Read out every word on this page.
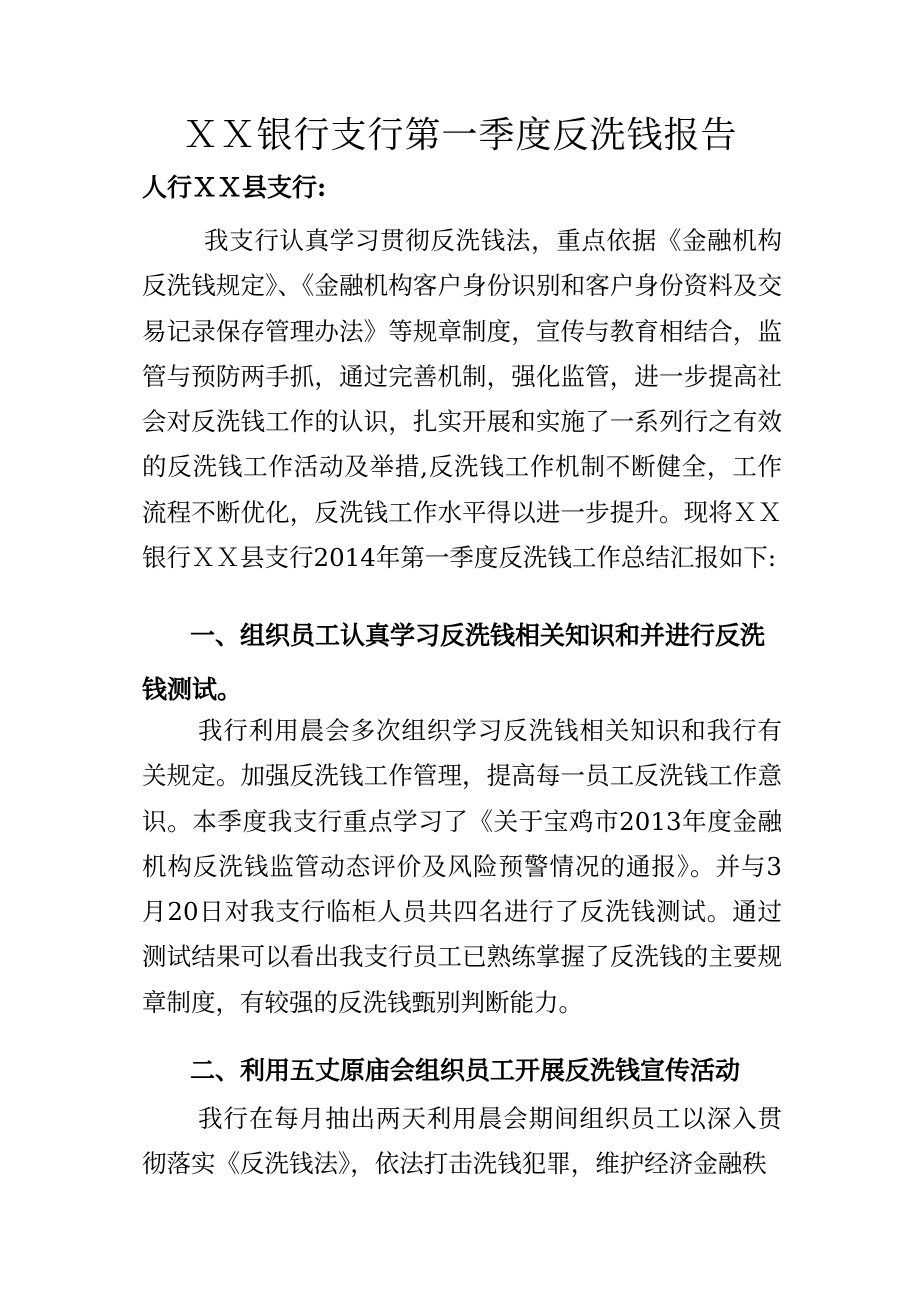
ＸＸ银行支行第一季度反洗钱报告
人行ＸＸ县支行:

我支行认真学习贯彻反洗钱法，重点依据《金融机构反洗钱规定》、《金融机构客户身份识别和客户身份资料及交易记录保存管理办法》等规章制度，宣传与教育相结合，监管与预防两手抓，通过完善机制，强化监管，进一步提高社会对反洗钱工作的认识，扎实开展和实施了一系列行之有效的反洗钱工作活动及举措,反洗钱工作机制不断健全，工作流程不断优化，反洗钱工作水平得以进一步提升。现将ＸＸ银行ＸＸ县支行2014年第一季度反洗钱工作总结汇报如下:

一、组织员工认真学习反洗钱相关知识和并进行反洗钱测试。

我行利用晨会多次组织学习反洗钱相关知识和我行有关规定。加强反洗钱工作管理，提高每一员工反洗钱工作意识。本季度我支行重点学习了《关于宝鸡市2013年度金融机构反洗钱监管动态评价及风险预警情况的通报》。并与3月20日对我支行临柜人员共四名进行了反洗钱测试。通过测试结果可以看出我支行员工已熟练掌握了反洗钱的主要规章制度，有较强的反洗钱甄别判断能力。

二、利用五丈原庙会组织员工开展反洗钱宣传活动

我行在每月抽出两天利用晨会期间组织员工以深入贯彻落实《反洗钱法》，依法打击洗钱犯罪，维护经济金融秩
